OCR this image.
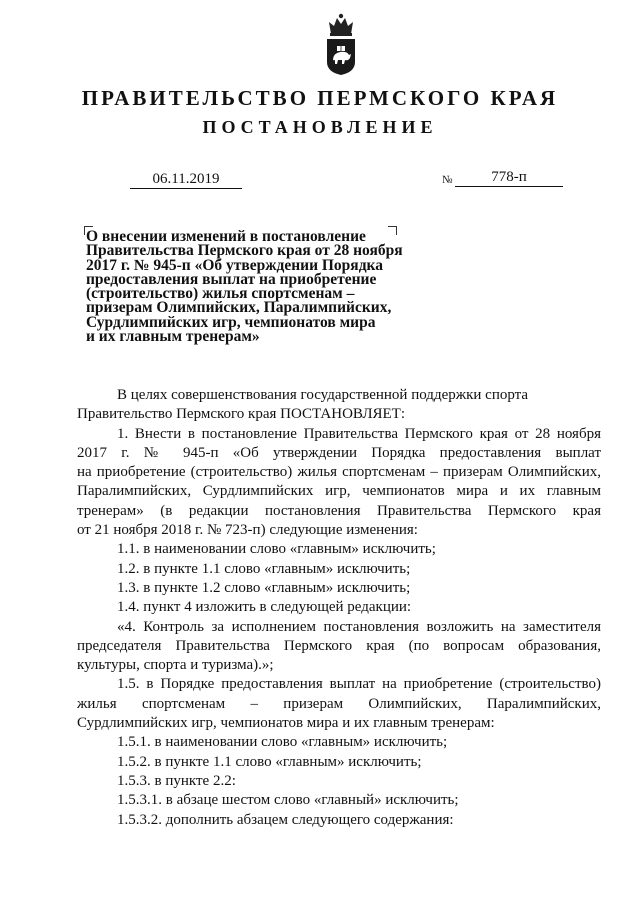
ПРАВИТЕЛЬСТВО ПЕРМСКОГО КРАЯ
ПОСТАНОВЛЕНИЕ
06.11.2019	№	778-п
О внесении изменений в постановление
Правительства Пермского края от 28 ноября
2017 г. № 945-п «Об утверждении Порядка
предоставления выплат на приобретение
(строительство) жилья спортсменам –
призерам Олимпийских, Паралимпийских,
Сурдлимпийских игр, чемпионатов мира
и их главным тренерам»
В целях совершенствования государственной поддержки спорта
Правительство Пермского края ПОСТАНОВЛЯЕТ:
1. Внести в постановление Правительства Пермского края от 28 ноября
2017 г. № 945-п «Об утверждении Порядка предоставления выплат
на приобретение (строительство) жилья спортсменам – призерам Олимпийских,
Паралимпийских, Сурдлимпийских игр, чемпионатов мира и их главным
тренерам» (в редакции постановления Правительства Пермского края
от 21 ноября 2018 г. № 723-п) следующие изменения:
1.1. в наименовании слово «главным» исключить;
1.2. в пункте 1.1 слово «главным» исключить;
1.3. в пункте 1.2 слово «главным» исключить;
1.4. пункт 4 изложить в следующей редакции:
«4. Контроль за исполнением постановления возложить на заместителя
председателя Правительства Пермского края (по вопросам образования,
культуры, спорта и туризма).»;
1.5. в Порядке предоставления выплат на приобретение (строительство)
жилья спортсменам – призерам Олимпийских, Паралимпийских,
Сурдлимпийских игр, чемпионатов мира и их главным тренерам:
1.5.1. в наименовании слово «главным» исключить;
1.5.2. в пункте 1.1 слово «главным» исключить;
1.5.3. в пункте 2.2:
1.5.3.1. в абзаце шестом слово «главный» исключить;
1.5.3.2. дополнить абзацем следующего содержания:
